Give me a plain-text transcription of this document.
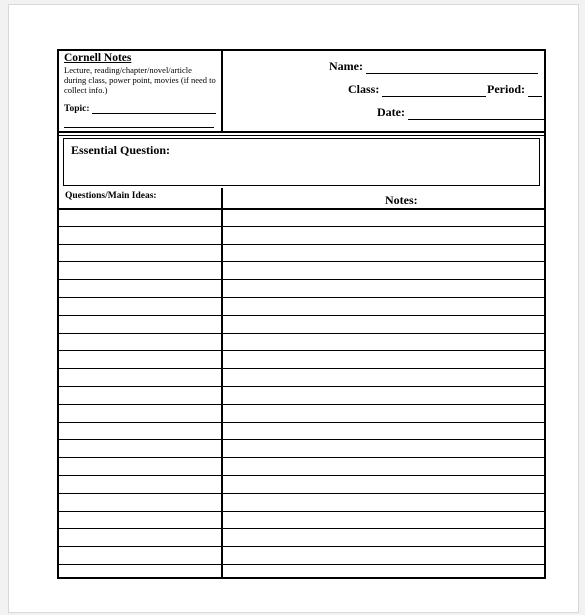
Cornell Notes
Lecture, reading/chapter/novel/article during class, power point, movies (if need to collect info.)
Topic:
Name:
Class:	Period:
Date:
Essential Question:
Questions/Main Ideas:	Notes:
